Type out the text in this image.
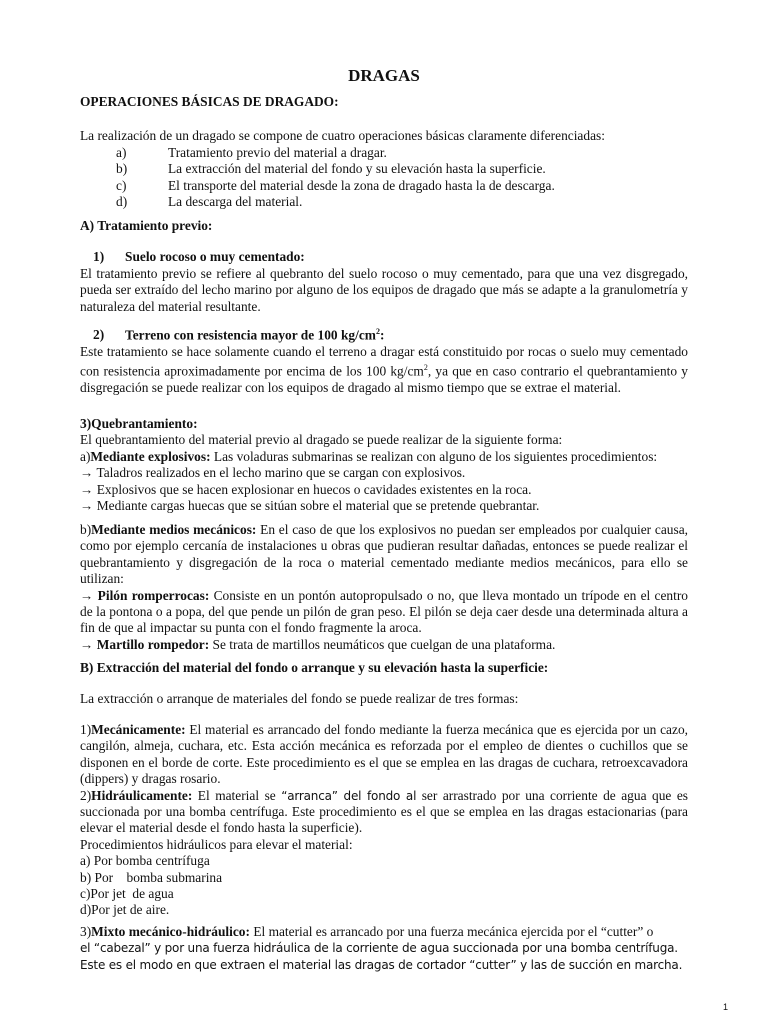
DRAGAS
OPERACIONES BÁSICAS DE DRAGADO:
La realización de un dragado se compone de cuatro operaciones básicas claramente diferenciadas:
a)	Tratamiento previo del material a dragar.
b)	La extracción del material del fondo y su elevación hasta la superficie.
c)	El transporte del material desde la zona de dragado hasta la de descarga.
d)	La descarga del material.
A) Tratamiento previo:
1) Suelo rocoso o muy cementado:
El tratamiento previo se refiere al quebranto del suelo rocoso o muy cementado, para que una vez disgregado, pueda ser extraído del lecho marino por alguno de los equipos de dragado que más se adapte a la granulometría y naturaleza del material resultante.
2) Terreno con resistencia mayor de 100 $kg/cm^2$:
Este tratamiento se hace solamente cuando el terreno a dragar está constituido por rocas o suelo muy cementado con resistencia aproximadamente por encima de los 100 $kg/cm^2$, ya que en caso contrario el quebrantamiento y disgregación se puede realizar con los equipos de dragado al mismo tiempo que se extrae el material.
3)Quebrantamiento:
El quebrantamiento del material previo al dragado se puede realizar de la siguiente forma:
a)Mediante explosivos: Las voladuras submarinas se realizan con alguno de los siguientes procedimientos:
→ Taladros realizados en el lecho marino que se cargan con explosivos.
→ Explosivos que se hacen explosionar en huecos o cavidades existentes en la roca.
→ Mediante cargas huecas que se sitúan sobre el material que se pretende quebrantar.
b)Mediante medios mecánicos: En el caso de que los explosivos no puedan ser empleados por cualquier causa, como por ejemplo cercanía de instalaciones u obras que pudieran resultar dañadas, entonces se puede realizar el quebrantamiento y disgregación de la roca o material cementado mediante medios mecánicos, para ello se utilizan:
→ Pilón romperrocas: Consiste en un pontón autopropulsado o no, que lleva montado un trípode en el centro de la pontona o a popa, del que pende un pilón de gran peso. El pilón se deja caer desde una determinada altura a fin de que al impactar su punta con el fondo fragmente la aroca.
→ Martillo rompedor: Se trata de martillos neumáticos que cuelgan de una plataforma.
B) Extracción del material del fondo o arranque y su elevación hasta la superficie:
La extracción o arranque de materiales del fondo se puede realizar de tres formas:
1)Mecánicamente: El material es arrancado del fondo mediante la fuerza mecánica que es ejercida por un cazo, cangilón, almeja, cuchara, etc. Esta acción mecánica es reforzada por el empleo de dientes o cuchillos que se disponen en el borde de corte. Este procedimiento es el que se emplea en las dragas de cuchara, retroexcavadora (dippers) y dragas rosario.
2)Hidráulicamente: El material se “arranca” del fondo al ser arrastrado por una corriente de agua que es succionada por una bomba centrífuga. Este procedimiento es el que se emplea en las dragas estacionarias (para elevar el material desde el fondo hasta la superficie).
Procedimientos hidráulicos para elevar el material:
a) Por bomba centrífuga
b) Por    bomba submarina
c)Por jet  de agua
d)Por jet de aire.
3)Mixto mecánico-hidráulico: El material es arrancado por una fuerza mecánica ejercida por el “cutter” o
el “cabezal” y por una fuerza hidráulica de la corriente de agua succionada por una bomba centrífuga.
Este es el modo en que extraen el material las dragas de cortador “cutter” y las de succión en marcha.
1
